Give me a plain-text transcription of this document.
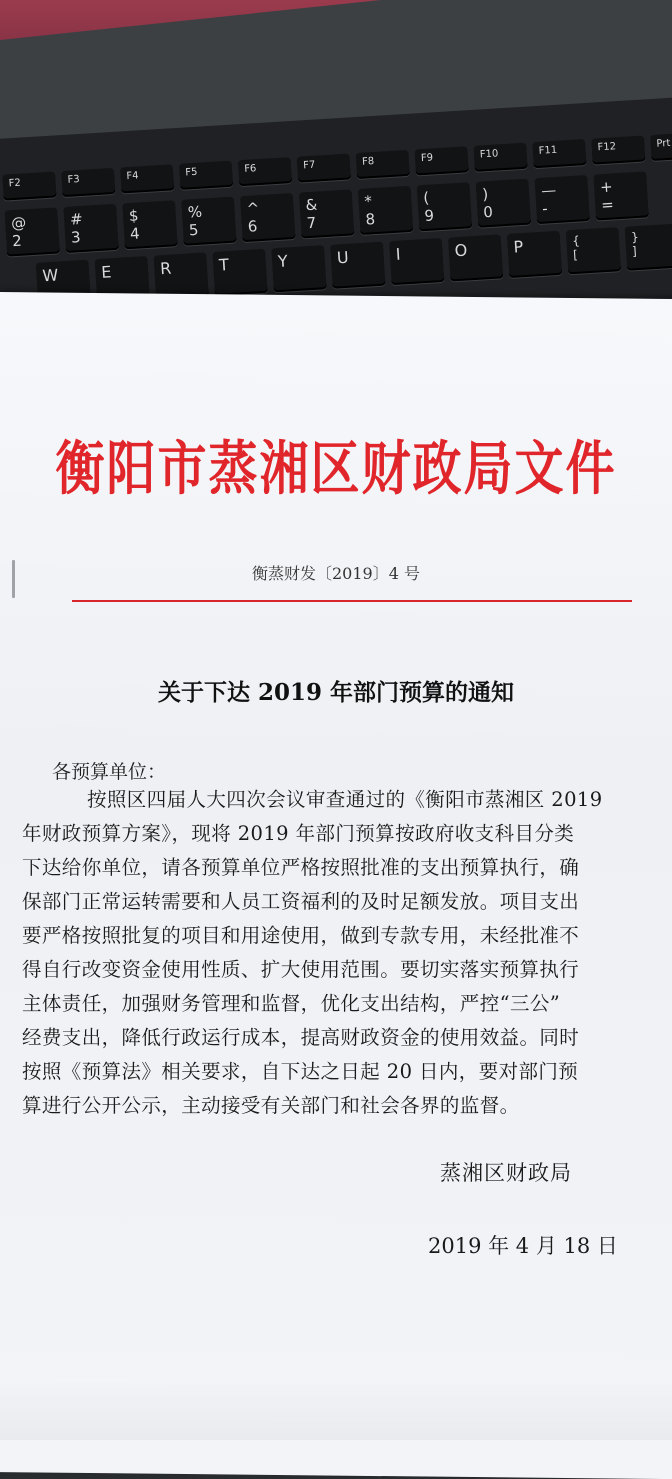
F2	F3	F4	F5	F6	F7	F8	F9	F10	F11	F12	Prt
@
2
#
3
$
4
%
5
^
6
&
7
*
8
(
9
)
0
—
-
+
=
W	E	R	T	Y	U	I	O	P	{
[
}
]
衡阳市蒸湘区财政局文件
衡蒸财发〔2019〕4 号
关于下达 2019 年部门预算的通知
各预算单位：
按照区四届人大四次会议审查通过的《衡阳市蒸湘区 2019
年财政预算方案》，现将 2019 年部门预算按政府收支科目分类
下达给你单位，请各预算单位严格按照批准的支出预算执行，确
保部门正常运转需要和人员工资福利的及时足额发放。项目支出
要严格按照批复的项目和用途使用，做到专款专用，未经批准不
得自行改变资金使用性质、扩大使用范围。要切实落实预算执行
主体责任，加强财务管理和监督，优化支出结构，严控“三公”
经费支出，降低行政运行成本，提高财政资金的使用效益。同时
按照《预算法》相关要求，自下达之日起 20 日内，要对部门预
算进行公开公示，主动接受有关部门和社会各界的监督。
蒸湘区财政局
2019 年 4 月 18 日
